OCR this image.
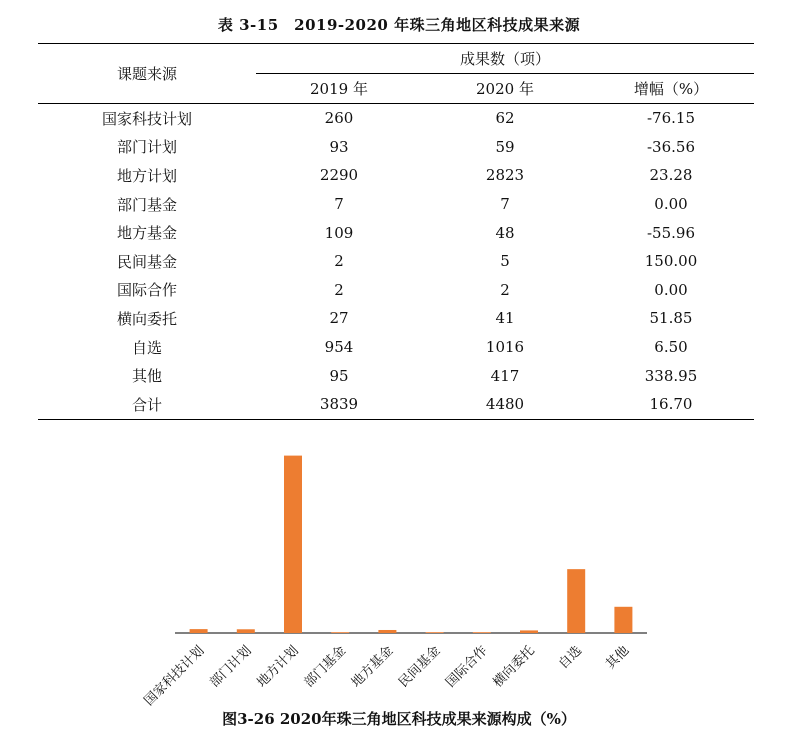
表 3-15　2019-2020 年珠三角地区科技成果来源
课题来源	成果数（项）		
	2019 年	2020 年	增幅（%）
国家科技计划	260	62	-76.15
部门计划	93	59	-36.56
地方计划	2290	2823	23.28
部门基金	7	7	0.00
地方基金	109	48	-55.96
民间基金	2	5	150.00
国际合作	2	2	0.00
横向委托	27	41	51.85
自选	954	1016	6.50
其他	95	417	338.95
合计	3839	4480	16.70
国家科技计划 部门计划 地方计划 部门基金 地方基金 民间基金 国际合作 横向委托 自选 其他
图3-26 2020年珠三角地区科技成果来源构成（%）
